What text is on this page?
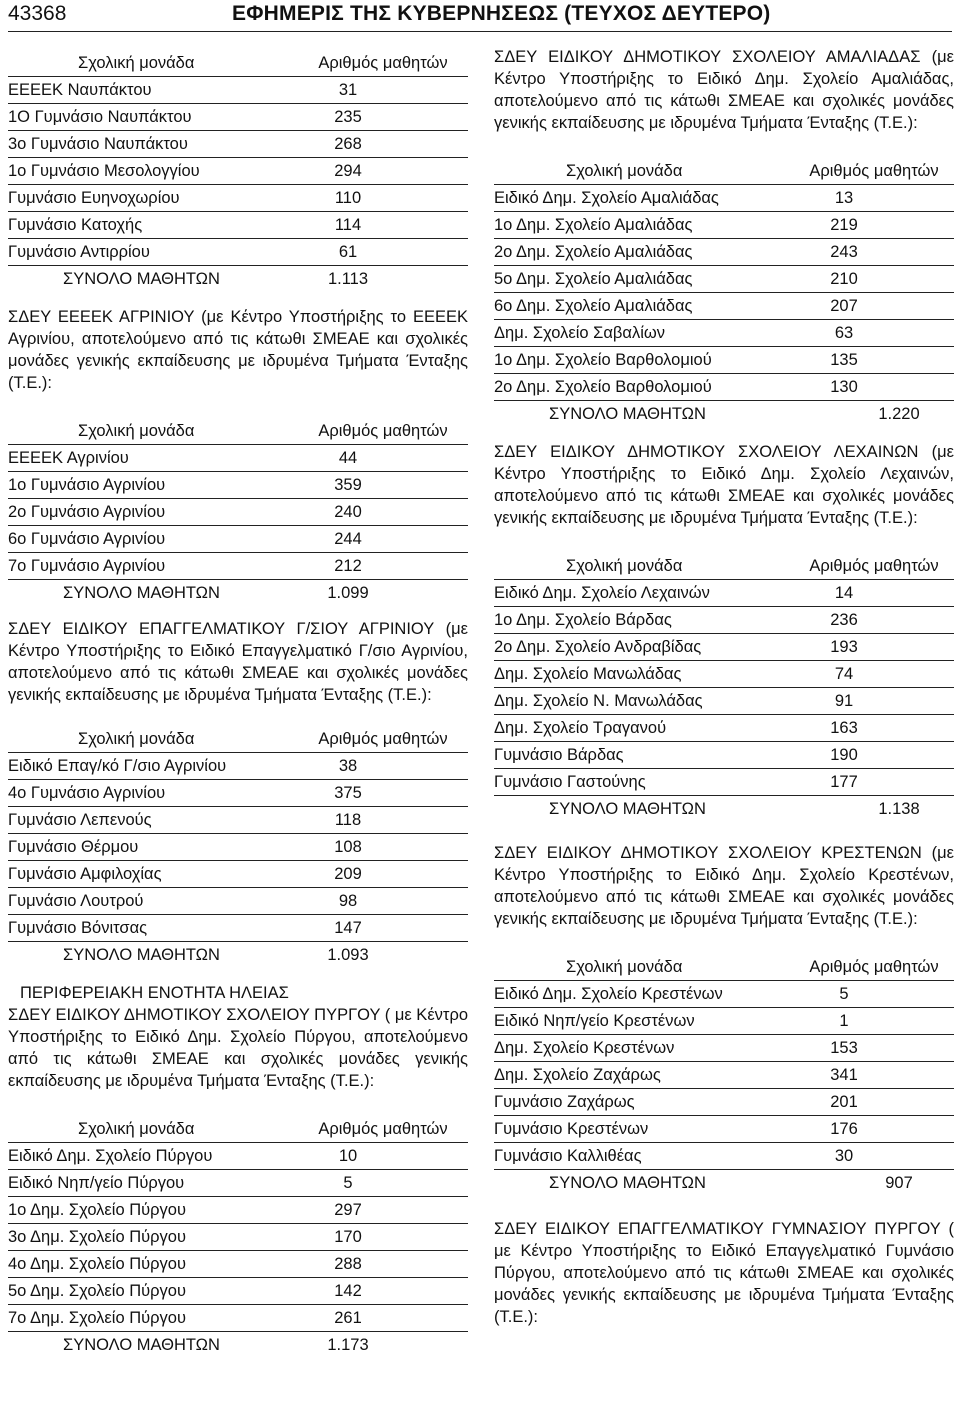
43368	ΕΦΗΜΕΡΙΣ ΤΗΣ ΚΥΒΕΡΝΗΣΕΩΣ (ΤΕΥΧΟΣ ΔΕΥΤΕΡΟ)
Σχολική μονάδα	Αριθμός μαθητών
ΕΕΕΕΚ Ναυπάκτου	31
1Ο Γυμνάσιο Ναυπάκτου	235
3ο Γυμνάσιο Ναυπάκτου	268
1ο Γυμνάσιο Μεσολογγίου	294
Γυμνάσιο Ευηνοχωρίου	110
Γυμνάσιο Κατοχής	114
Γυμνάσιο Αντιρρίου	61
ΣΥΝΟΛΟ ΜΑΘΗΤΩΝ	1.113

ΣΔΕΥ ΕΕΕΕΚ ΑΓΡΙΝΙΟΥ (με Κέντρο Υποστήριξης το ΕΕΕΕΚ Αγρινίου, αποτελούμενο από τις κάτωθι ΣΜΕΑΕ και σχολικές μονάδες γενικής εκπαίδευσης με ιδρυμένα Τμήματα Ένταξης (Τ.Ε.):

Σχολική μονάδα	Αριθμός μαθητών
ΕΕΕΕΚ Αγρινίου	44
1ο Γυμνάσιο Αγρινίου	359
2ο Γυμνάσιο Αγρινίου	240
6ο Γυμνάσιο Αγρινίου	244
7ο Γυμνάσιο Αγρινίου	212
ΣΥΝΟΛΟ ΜΑΘΗΤΩΝ	1.099

ΣΔΕΥ ΕΙΔΙΚΟΥ ΕΠΑΓΓΕΛΜΑΤΙΚΟΥ Γ/ΣΙΟΥ ΑΓΡΙΝΙΟΥ (με Κέντρο Υποστήριξης το Ειδικό Επαγγελματικό Γ/σιο Αγρινίου, αποτελούμενο από τις κάτωθι ΣΜΕΑΕ και σχολικές μονάδες γενικής εκπαίδευσης με ιδρυμένα Τμήματα Ένταξης (Τ.Ε.):

Σχολική μονάδα	Αριθμός μαθητών
Ειδικό Επαγ/κό Γ/σιο Αγρινίου	38
4ο Γυμνάσιο Αγρινίου	375
Γυμνάσιο Λεπενούς	118
Γυμνάσιο Θέρμου	108
Γυμνάσιο Αμφιλοχίας	209
Γυμνάσιο Λουτρού	98
Γυμνάσιο Βόνιτσας	147
ΣΥΝΟΛΟ ΜΑΘΗΤΩΝ	1.093

ΠΕΡΙΦΕΡΕΙΑΚΗ ΕΝΟΤΗΤΑ ΗΛΕΙΑΣ

ΣΔΕΥ ΕΙΔΙΚΟΥ ΔΗΜΟΤΙΚΟΥ ΣΧΟΛΕΙΟΥ ΠΥΡΓΟΥ ( με Κέντρο Υποστήριξης το Ειδικό Δημ. Σχολείο Πύργου, αποτελούμενο από τις κάτωθι ΣΜΕΑΕ και σχολικές μονάδες γενικής εκπαίδευσης με ιδρυμένα Τμήματα Ένταξης (Τ.Ε.):

Σχολική μονάδα	Αριθμός μαθητών
Ειδικό Δημ. Σχολείο Πύργου	10
Ειδικό Νηπ/γείο Πύργου	5
1ο Δημ. Σχολείο Πύργου	297
3ο Δημ. Σχολείο Πύργου	170
4ο Δημ. Σχολείο Πύργου	288
5ο Δημ. Σχολείο Πύργου	142
7ο Δημ. Σχολείο Πύργου	261
ΣΥΝΟΛΟ ΜΑΘΗΤΩΝ	1.173

ΣΔΕΥ ΕΙΔΙΚΟΥ ΔΗΜΟΤΙΚΟΥ ΣΧΟΛΕΙΟΥ ΑΜΑΛΙΑΔΑΣ (με Κέντρο Υποστήριξης το Ειδικό Δημ. Σχολείο Αμαλιάδας, αποτελούμενο από τις κάτωθι ΣΜΕΑΕ και σχολικές μονάδες γενικής εκπαίδευσης με ιδρυμένα Τμήματα Ένταξης (Τ.Ε.):

Σχολική μονάδα	Αριθμός μαθητών
Ειδικό Δημ. Σχολείο Αμαλιάδας	13
1ο Δημ. Σχολείο Αμαλιάδας	219
2ο Δημ. Σχολείο Αμαλιάδας	243
5ο Δημ. Σχολείο Αμαλιάδας	210
6ο Δημ. Σχολείο Αμαλιάδας	207
Δημ. Σχολείο Σαβαλίων	63
1ο Δημ. Σχολείο Βαρθολομιού	135
2ο Δημ. Σχολείο Βαρθολομιού	130
ΣΥΝΟΛΟ ΜΑΘΗΤΩΝ	1.220

ΣΔΕΥ ΕΙΔΙΚΟΥ ΔΗΜΟΤΙΚΟΥ ΣΧΟΛΕΙΟΥ ΛΕΧΑΙΝΩΝ (με Κέντρο Υποστήριξης το Ειδικό Δημ. Σχολείο Λεχαινών, αποτελούμενο από τις κάτωθι ΣΜΕΑΕ και σχολικές μονάδες γενικής εκπαίδευσης με ιδρυμένα Τμήματα Ένταξης (Τ.Ε.):

Σχολική μονάδα	Αριθμός μαθητών
Ειδικό Δημ. Σχολείο Λεχαινών	14
1ο Δημ. Σχολείο Βάρδας	236
2ο Δημ. Σχολείο Ανδραβίδας	193
Δημ. Σχολείο Μανωλάδας	74
Δημ. Σχολείο Ν. Μανωλάδας	91
Δημ. Σχολείο Τραγανού	163
Γυμνάσιο Βάρδας	190
Γυμνάσιο Γαστούνης	177
ΣΥΝΟΛΟ ΜΑΘΗΤΩΝ	1.138

ΣΔΕΥ ΕΙΔΙΚΟΥ ΔΗΜΟΤΙΚΟΥ ΣΧΟΛΕΙΟΥ ΚΡΕΣΤΕΝΩΝ (με Κέντρο Υποστήριξης το Ειδικό Δημ. Σχολείο Κρεστένων, αποτελούμενο από τις κάτωθι ΣΜΕΑΕ και σχολικές μονάδες γενικής εκπαίδευσης με ιδρυμένα Τμήματα Ένταξης (Τ.Ε.):

Σχολική μονάδα	Αριθμός μαθητών
Ειδικό Δημ. Σχολείο Κρεστένων	5
Ειδικό Νηπ/γείο Κρεστένων	1
Δημ. Σχολείο Κρεστένων	153
Δημ. Σχολείο Ζαχάρως	341
Γυμνάσιο Ζαχάρως	201
Γυμνάσιο Κρεστένων	176
Γυμνάσιο Καλλιθέας	30
ΣΥΝΟΛΟ ΜΑΘΗΤΩΝ	907

ΣΔΕΥ ΕΙΔΙΚΟΥ ΕΠΑΓΓΕΛΜΑΤΙΚΟΥ ΓΥΜΝΑΣΙΟΥ ΠΥΡΓΟΥ ( με Κέντρο Υποστήριξης το Ειδικό Επαγγελματικό Γυμνάσιο Πύργου, αποτελούμενο από τις κάτωθι ΣΜΕΑΕ και σχολικές μονάδες γενικής εκπαίδευσης με ιδρυμένα Τμήματα Ένταξης (Τ.Ε.):
